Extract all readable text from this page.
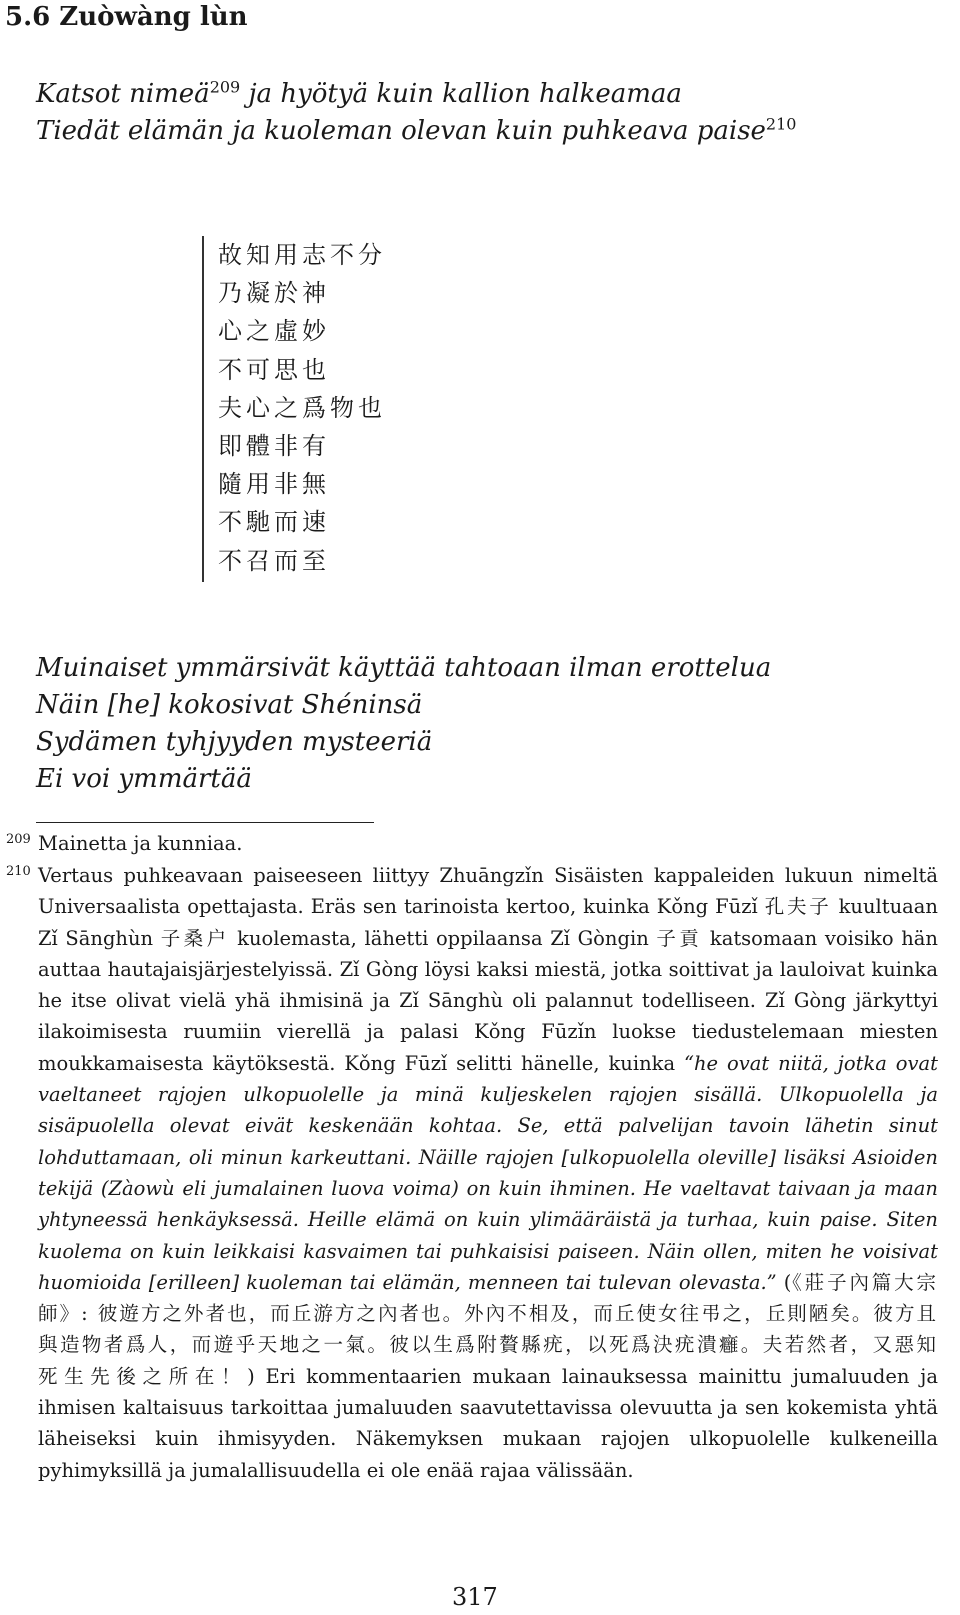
5.6 Zuòwàng lùn
Katsot nimeä$^{209}$ ja hyötyä kuin kallion halkeamaa
Tiedät elämän ja kuoleman olevan kuin puhkeava paise$^{210}$
故知用志不分
乃凝於神
心之虛妙
不可思也
夫心之爲物也
即體非有
隨用非無
不馳而速
不召而至
Muinaiset ymmärsivät käyttää tahtoaan ilman erottelua
Näin [he] kokosivat Shéninsä
Sydämen tyhjyyden mysteeriä
Ei voi ymmärtää

209 Mainetta ja kunniaa.

210 Vertaus puhkeavaan paiseeseen liittyy Zhuāngzǐn Sisäisten kappaleiden lukuun nimeltä Universaalista opettajasta. Eräs sen tarinoista kertoo, kuinka Kǒng Fūzǐ 孔夫子 kuultuaan Zǐ Sānghùn 子桑户 kuolemasta, lähetti oppilaansa Zǐ Gòngin 子貢 katsomaan voisiko hän auttaa hautajaisjärjestelyissä. Zǐ Gòng löysi kaksi miestä, jotka soittivat ja lauloivat kuinka he itse olivat vielä yhä ihmisinä ja Zǐ Sānghù oli palannut todelliseen. Zǐ Gòng järkyttyi ilakoimisesta ruumiin vierellä ja palasi Kǒng Fūzǐn luokse tiedustelemaan miesten moukkamaisesta käytöksestä. Kǒng Fūzǐ selitti hänelle, kuinka “he ovat niitä, jotka ovat vaeltaneet rajojen ulkopuolelle ja minä kuljeskelen rajojen sisällä. Ulkopuolella ja sisäpuolella olevat eivät keskenään kohtaa. Se, että palvelijan tavoin lähetin sinut lohduttamaan, oli minun karkeuttani. Näille rajojen [ulkopuolella oleville] lisäksi Asioiden tekijä (Zàowù eli jumalainen luova voima) on kuin ihminen. He vaeltavat taivaan ja maan yhtyneessä henkäyksessä. Heille elämä on kuin ylimääräistä ja turhaa, kuin paise. Siten kuolema on kuin leikkaisi kasvaimen tai puhkaisisi paiseen. Näin ollen, miten he voisivat huomioida [erilleen] kuoleman tai elämän, menneen tai tulevan olevasta.” (《莊子內篇大宗師》: 彼遊方之外者也，而丘游方之內者也。外內不相及，而丘使女往弔之，丘則陋矣。彼方且與造物者爲人，而遊乎天地之一氣。彼以生爲附贅縣疣，以死爲決疣潰癰。夫若然者，又惡知死生先後之所在！) Eri kommentaarien mukaan lainauksessa mainittu jumaluuden ja ihmisen kaltaisuus tarkoittaa jumaluuden saavutettavissa olevuutta ja sen kokemista yhtä läheiseksi kuin ihmisyyden. Näkemyksen mukaan rajojen ulkopuolelle kulkeneilla pyhimyksillä ja jumalallisuudella ei ole enää rajaa välissään.

317
